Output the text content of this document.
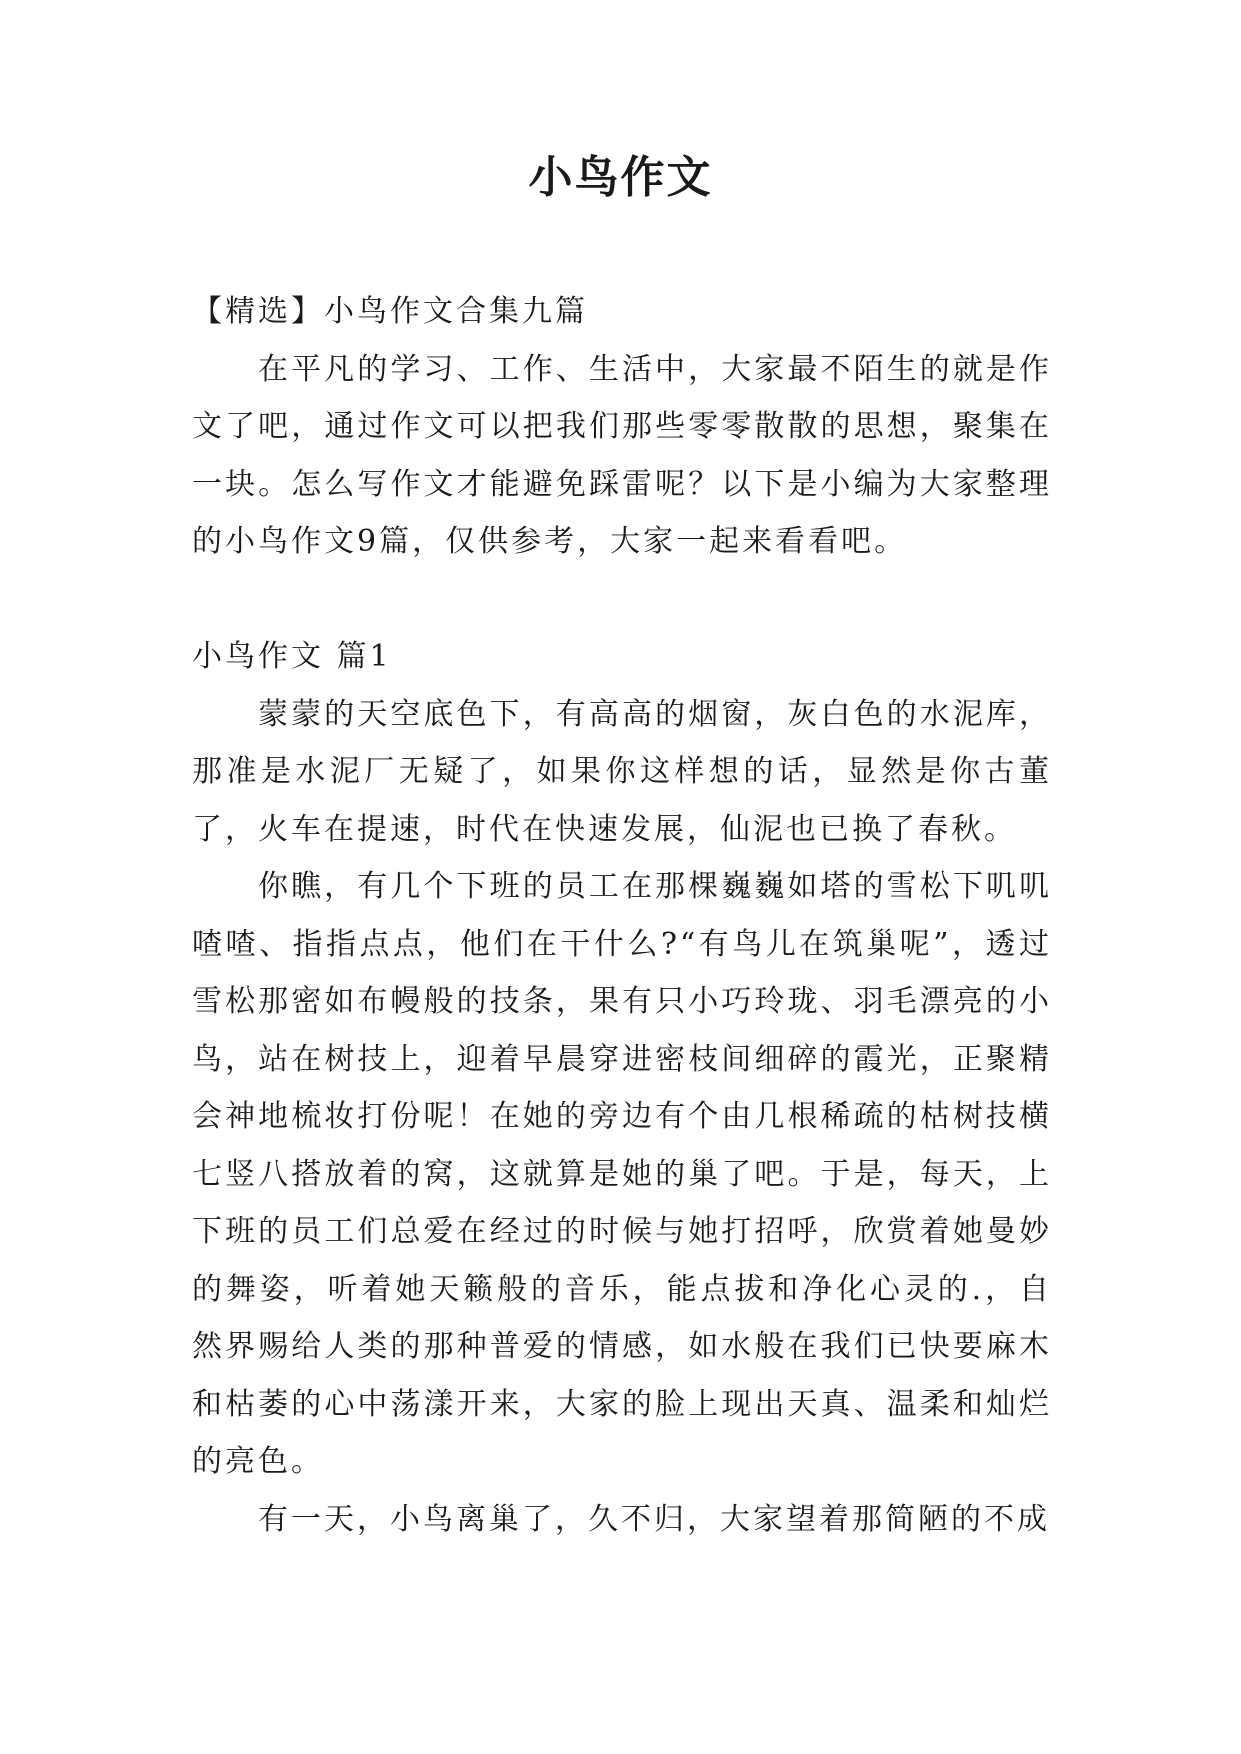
小鸟作文

【精选】小鸟作文合集九篇

在平凡的学习、工作、生活中，大家最不陌生的就是作文了吧，通过作文可以把我们那些零零散散的思想，聚集在一块。怎么写作文才能避免踩雷呢？以下是小编为大家整理的小鸟作文9篇，仅供参考，大家一起来看看吧。

小鸟作文 篇1

蒙蒙的天空底色下，有高高的烟窗，灰白色的水泥库，那准是水泥厂无疑了，如果你这样想的话，显然是你古董了，火车在提速，时代在快速发展，仙泥也已换了春秋。

你瞧，有几个下班的员工在那棵巍巍如塔的雪松下叽叽喳喳、指指点点，他们在干什么?“有鸟儿在筑巢呢”，透过雪松那密如布幔般的技条，果有只小巧玲珑、羽毛漂亮的小鸟，站在树技上，迎着早晨穿进密枝间细碎的霞光，正聚精会神地梳妆打份呢！在她的旁边有个由几根稀疏的枯树技横七竖八搭放着的窝，这就算是她的巢了吧。于是，每天，上下班的员工们总爱在经过的时候与她打招呼，欣赏着她曼妙的舞姿，听着她天籁般的音乐，能点拔和净化心灵的.，自然界赐给人类的那种普爱的情感，如水般在我们已快要麻木和枯萎的心中荡漾开来，大家的脸上现出天真、温柔和灿烂的亮色。

有一天，小鸟离巢了，久不归，大家望着那简陋的不成
